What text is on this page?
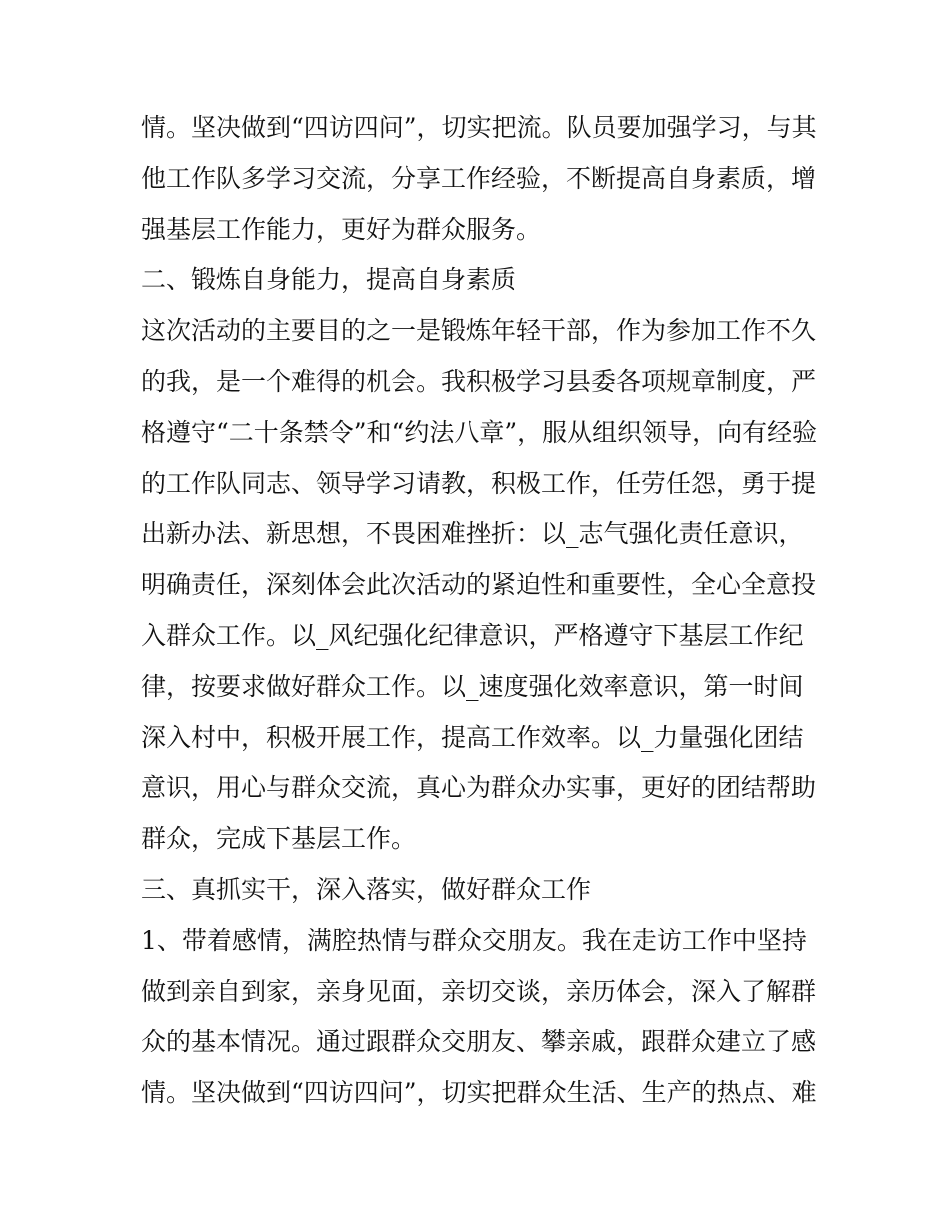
情。坚决做到“四访四问”，切实把流。队员要加强学习，与其
他工作队多学习交流，分享工作经验，不断提高自身素质，增
强基层工作能力，更好为群众服务。
二、锻炼自身能力，提高自身素质
这次活动的主要目的之一是锻炼年轻干部，作为参加工作不久
的我，是一个难得的机会。我积极学习县委各项规章制度，严
格遵守“二十条禁令”和“约法八章”，服从组织领导，向有经验
的工作队同志、领导学习请教，积极工作，任劳任怨，勇于提
出新办法、新思想，不畏困难挫折：以_志气强化责任意识，
明确责任，深刻体会此次活动的紧迫性和重要性，全心全意投
入群众工作。以_风纪强化纪律意识，严格遵守下基层工作纪
律，按要求做好群众工作。以_速度强化效率意识，第一时间
深入村中，积极开展工作，提高工作效率。以_力量强化团结
意识，用心与群众交流，真心为群众办实事，更好的团结帮助
群众，完成下基层工作。
三、真抓实干，深入落实，做好群众工作
1、带着感情，满腔热情与群众交朋友。我在走访工作中坚持
做到亲自到家，亲身见面，亲切交谈，亲历体会，深入了解群
众的基本情况。通过跟群众交朋友、攀亲戚，跟群众建立了感
情。坚决做到“四访四问”，切实把群众生活、生产的热点、难
